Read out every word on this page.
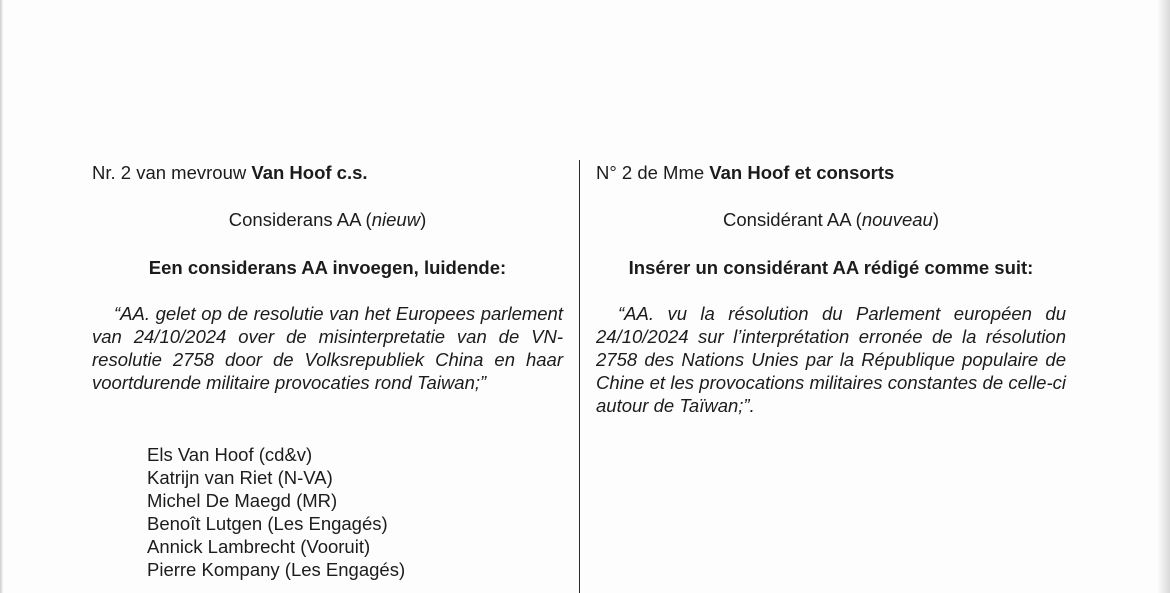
Nr. 2 van mevrouw Van Hoof c.s.
Considerans AA (nieuw)
Een considerans AA invoegen, luidende:
“AA. gelet op de resolutie van het Europees parlement van 24/10/2024 over de misinterpretatie van de VN-resolutie 2758 door de Volksrepubliek China en haar voortdurende militaire provocaties rond Taiwan;”
Els Van Hoof (cd&v)
Katrijn van Riet (N-VA)
Michel De Maegd (MR)
Benoît Lutgen (Les Engagés)
Annick Lambrecht (Vooruit)
Pierre Kompany (Les Engagés)
N° 2 de Mme Van Hoof et consorts
Considérant AA (nouveau)
Insérer un considérant AA rédigé comme suit:
“AA. vu la résolution du Parlement européen du 24/10/2024 sur l’interprétation erronée de la résolution 2758 des Nations Unies par la République populaire de Chine et les provocations militaires constantes de celle-ci autour de Taïwan;”.
